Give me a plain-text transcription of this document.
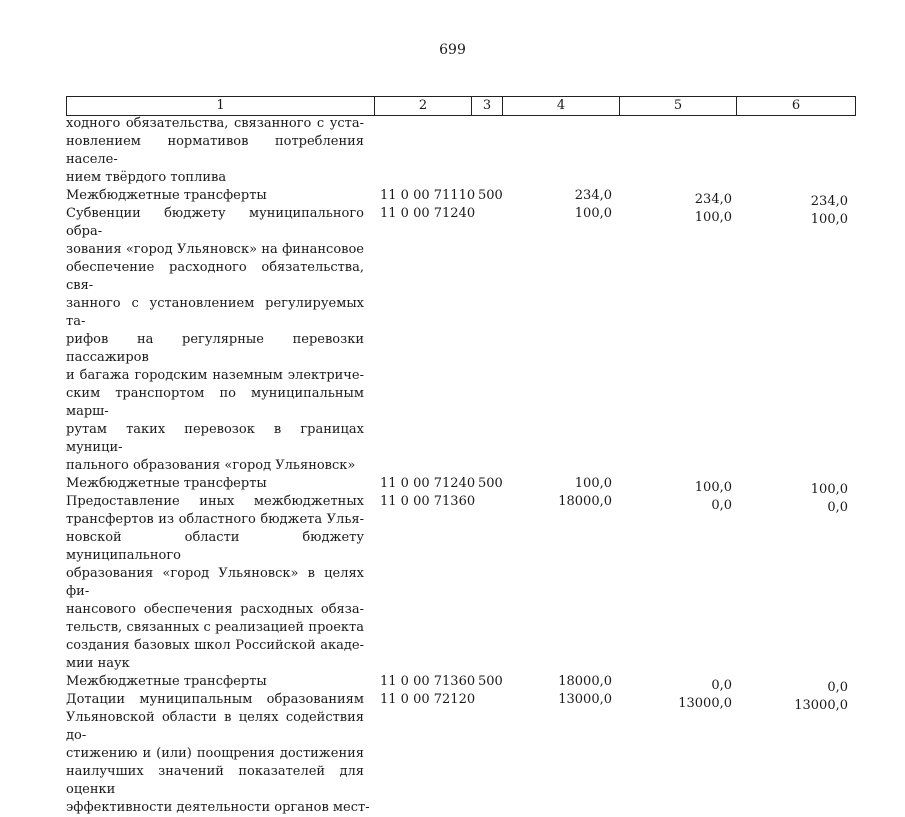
699
1	2	3	4	5	6
ходного обязательства, связанного с уста-
новлением нормативов потребления населе-
нием твёрдого топлива
Межбюджетные трансферты	11 0 00 71110 500	234,0	234,0	234,0
Субвенции бюджету муниципального обра-
зования «город Ульяновск» на финансовое
обеспечение расходного обязательства, свя-
занного с установлением регулируемых та-
рифов на регулярные перевозки пассажиров
и багажа городским наземным электриче-
ским транспортом по муниципальным марш-
рутам таких перевозок в границах муници-
пального образования «город Ульяновск»
11 0 00 71240	100,0	100,0	100,0
Межбюджетные трансферты	11 0 00 71240 500	100,0	100,0	100,0
Предоставление иных межбюджетных
трансфертов из областного бюджета Улья-
новской области бюджету муниципального
образования «город Ульяновск» в целях фи-
нансового обеспечения расходных обяза-
тельств, связанных с реализацией проекта
создания базовых школ Российской акаде-
мии наук
11 0 00 71360	18000,0	0,0	0,0
Межбюджетные трансферты	11 0 00 71360 500	18000,0	0,0	0,0
Дотации муниципальным образованиям
Ульяновской области в целях содействия до-
стижению и (или) поощрения достижения
наилучших значений показателей для оценки
эффективности деятельности органов мест-
11 0 00 72120	13000,0	13000,0	13000,0
